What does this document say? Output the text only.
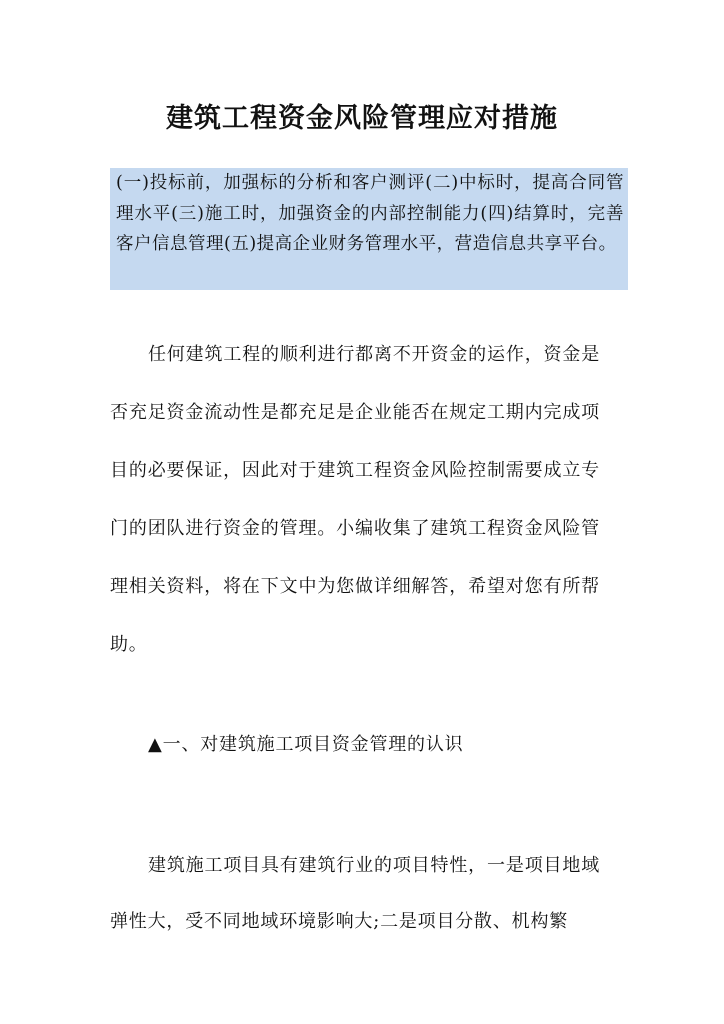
建筑工程资金风险管理应对措施
(一)投标前，加强标的分析和客户测评(二)中标时，提高合同管理水平(三)施工时，加强资金的内部控制能力(四)结算时，完善客户信息管理(五)提高企业财务管理水平，营造信息共享平台。

任何建筑工程的顺利进行都离不开资金的运作，资金是否充足资金流动性是都充足是企业能否在规定工期内完成项目的必要保证，因此对于建筑工程资金风险控制需要成立专门的团队进行资金的管理。小编收集了建筑工程资金风险管理相关资料，将在下文中为您做详细解答，希望对您有所帮助。

▲一、对建筑施工项目资金管理的认识

建筑施工项目具有建筑行业的项目特性，一是项目地域弹性大，受不同地域环境影响大;二是项目分散、机构繁
